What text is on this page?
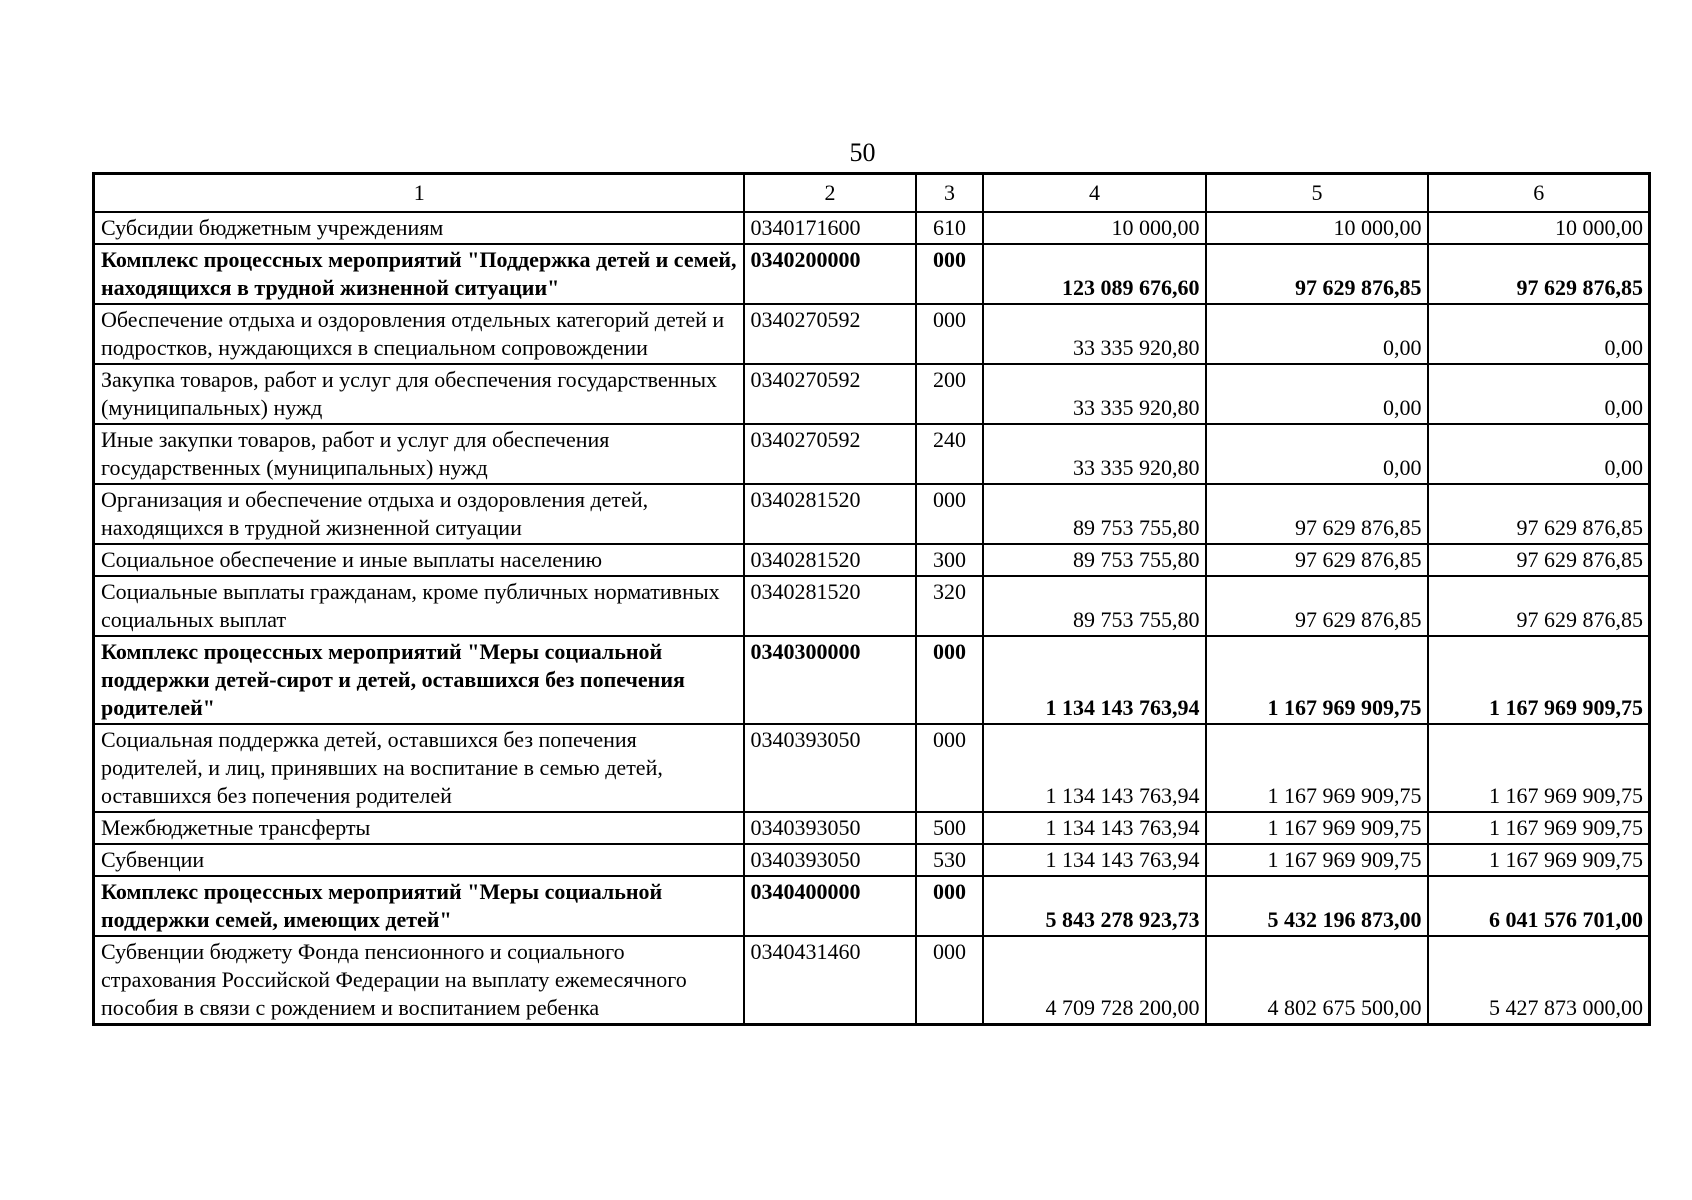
50
1	2	3	4	5	6
Субсидии бюджетным учреждениям	0340171600	610	10 000,00	10 000,00	10 000,00
Комплекс процессных мероприятий "Поддержка детей и семей, находящихся в трудной жизненной ситуации"	0340200000	000	123 089 676,60	97 629 876,85	97 629 876,85
Обеспечение отдыха и оздоровления отдельных категорий детей и подростков, нуждающихся в специальном сопровождении	0340270592	000	33 335 920,80	0,00	0,00
Закупка товаров, работ и услуг для обеспечения государственных (муниципальных) нужд	0340270592	200	33 335 920,80	0,00	0,00
Иные закупки товаров, работ и услуг для обеспечения государственных (муниципальных) нужд	0340270592	240	33 335 920,80	0,00	0,00
Организация и обеспечение отдыха и оздоровления детей, находящихся в трудной жизненной ситуации	0340281520	000	89 753 755,80	97 629 876,85	97 629 876,85
Социальное обеспечение и иные выплаты населению	0340281520	300	89 753 755,80	97 629 876,85	97 629 876,85
Социальные выплаты гражданам, кроме публичных нормативных социальных выплат	0340281520	320	89 753 755,80	97 629 876,85	97 629 876,85
Комплекс процессных мероприятий "Меры социальной поддержки детей-сирот и детей, оставшихся без попечения родителей"	0340300000	000	1 134 143 763,94	1 167 969 909,75	1 167 969 909,75
Социальная поддержка детей, оставшихся без попечения родителей, и лиц, принявших на воспитание в семью детей, оставшихся без попечения родителей	0340393050	000	1 134 143 763,94	1 167 969 909,75	1 167 969 909,75
Межбюджетные трансферты	0340393050	500	1 134 143 763,94	1 167 969 909,75	1 167 969 909,75
Субвенции	0340393050	530	1 134 143 763,94	1 167 969 909,75	1 167 969 909,75
Комплекс процессных мероприятий "Меры социальной поддержки семей, имеющих детей"	0340400000	000	5 843 278 923,73	5 432 196 873,00	6 041 576 701,00
Субвенции бюджету Фонда пенсионного и социального страхования Российской Федерации на выплату ежемесячного пособия в связи с рождением и воспитанием ребенка	0340431460	000	4 709 728 200,00	4 802 675 500,00	5 427 873 000,00
